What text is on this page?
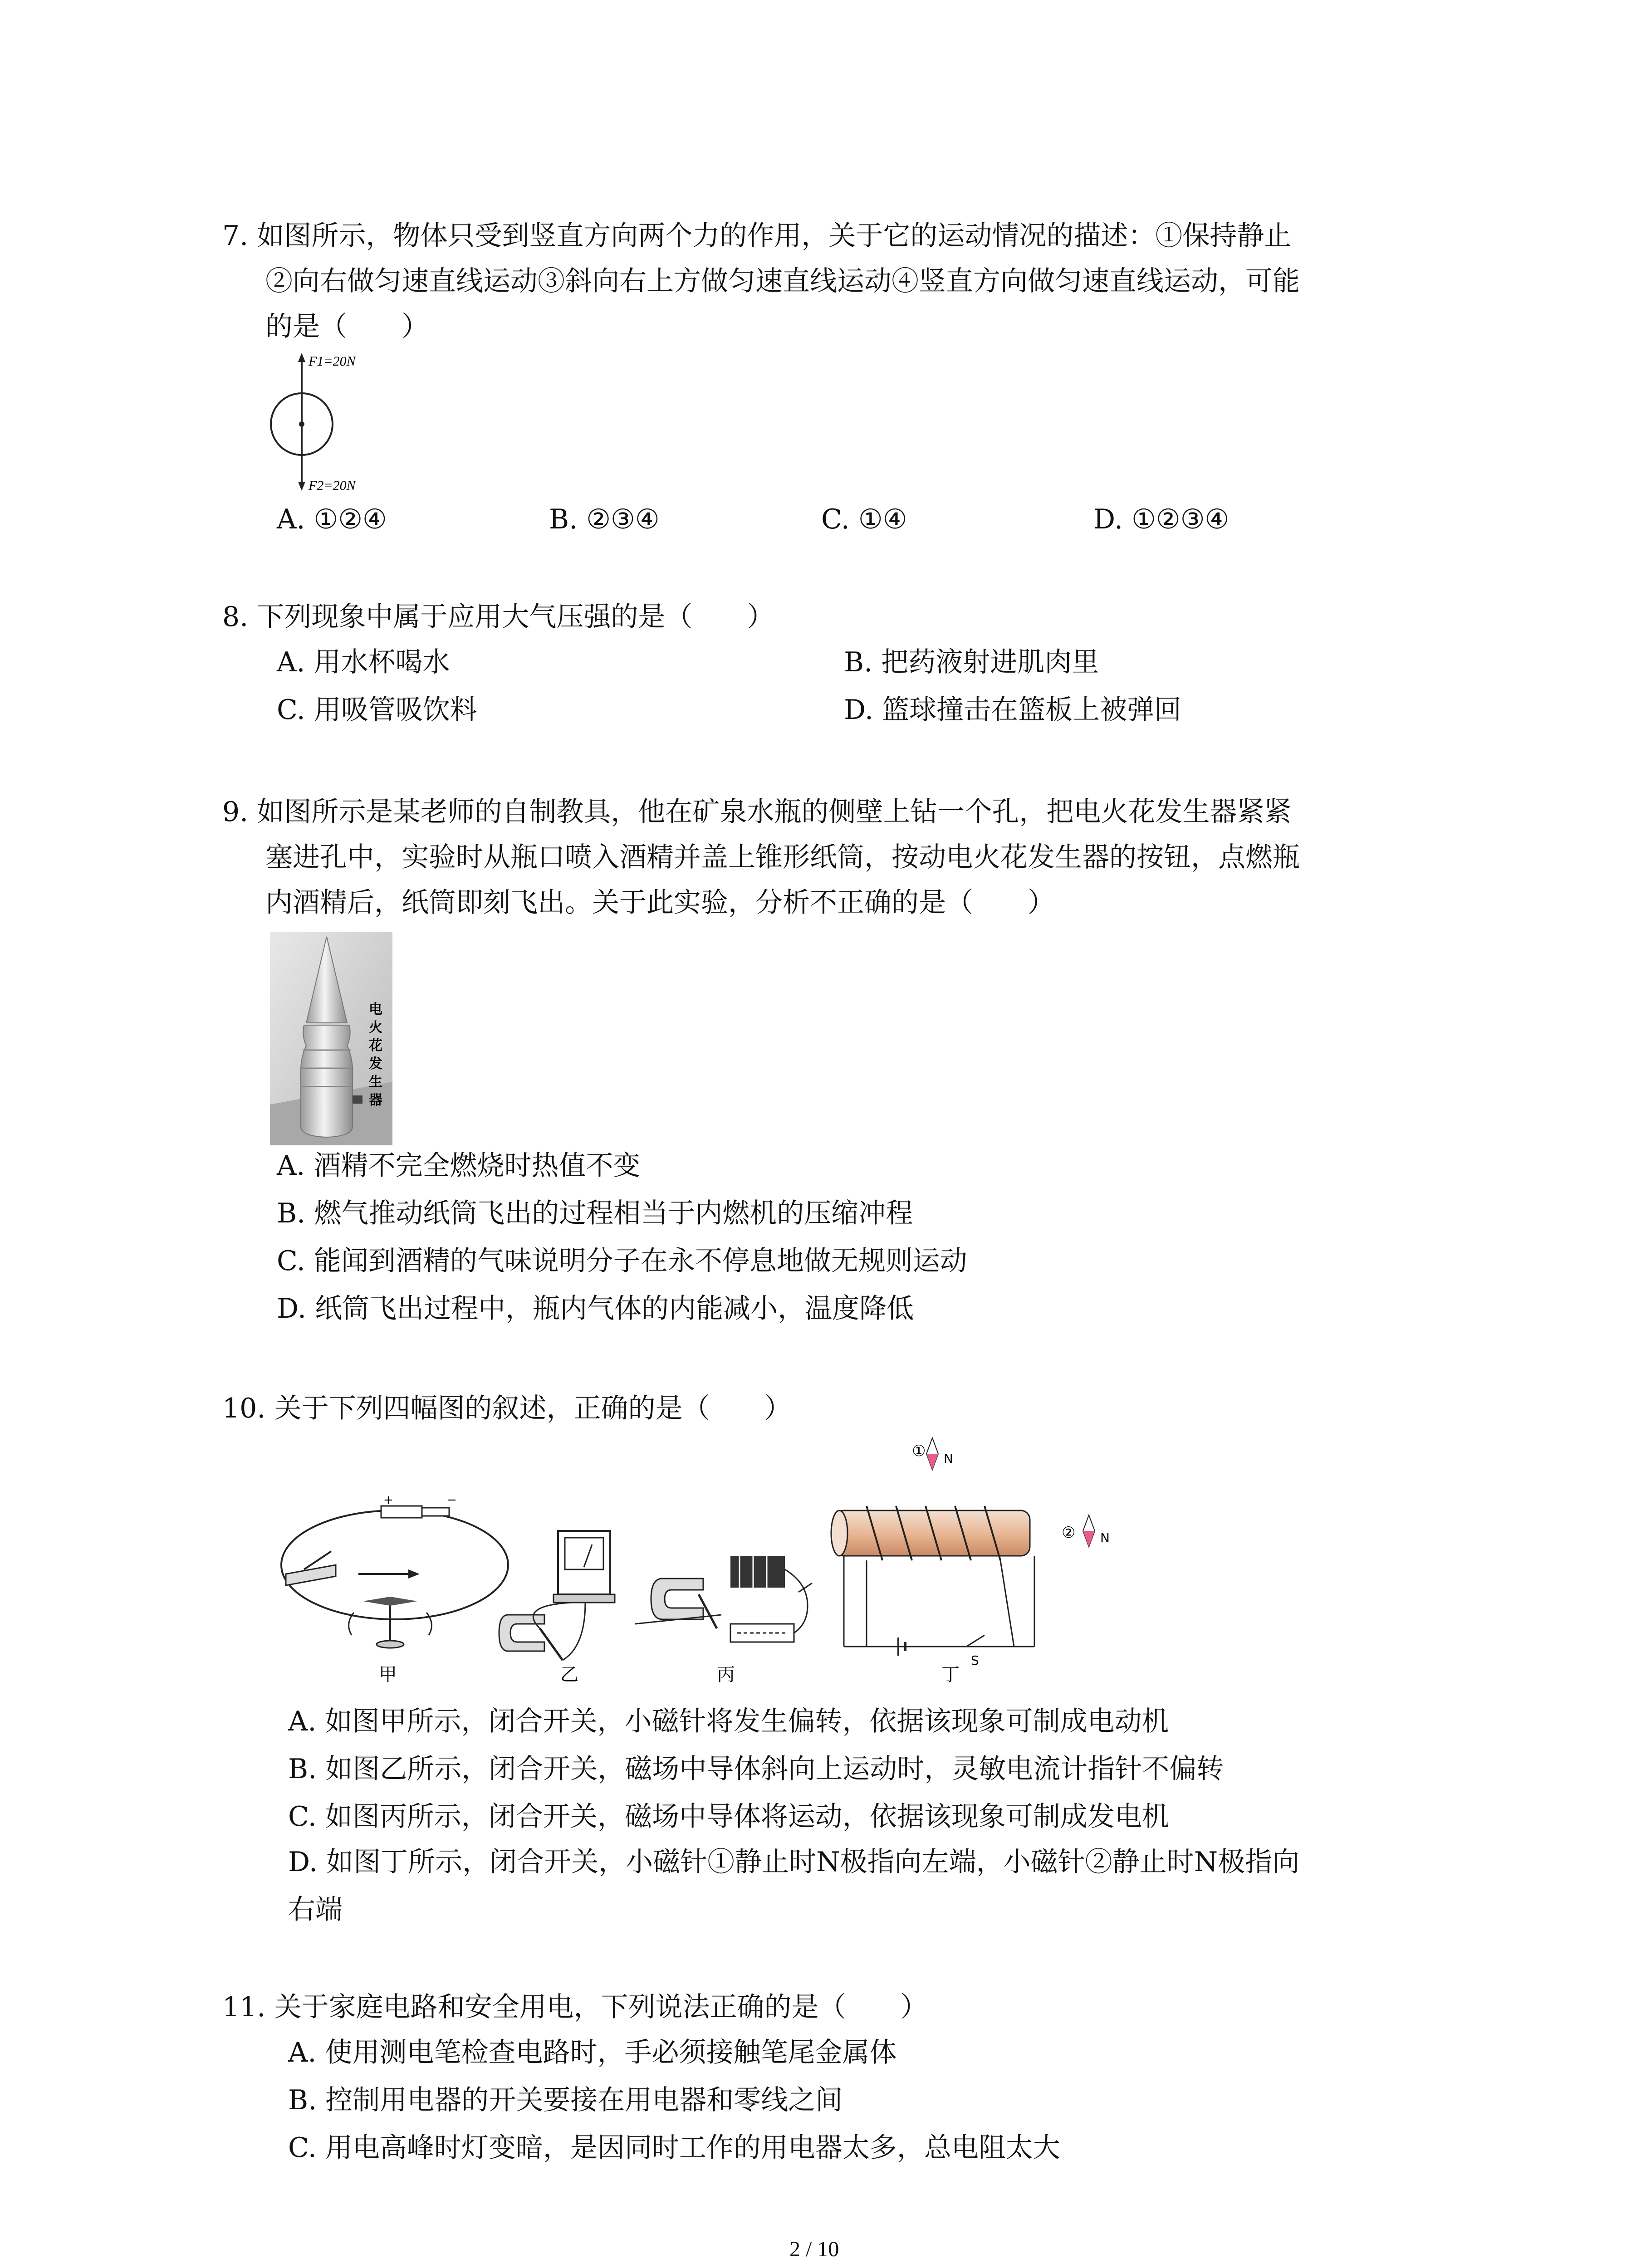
7. 如图所示，物体只受到竖直方向两个力的作用，关于它的运动情况的描述：①保持静止
②向右做匀速直线运动③斜向右上方做匀速直线运动④竖直方向做匀速直线运动，可能
的是（　　）
F1=20N
F2=20N
A. ①②④	B. ②③④	C. ①④	D. ①②③④
8. 下列现象中属于应用大气压强的是（　　）
A. 用水杯喝水	B. 把药液射进肌肉里
C. 用吸管吸饮料	D. 篮球撞击在篮板上被弹回
9. 如图所示是某老师的自制教具，他在矿泉水瓶的侧壁上钻一个孔，把电火花发生器紧紧
塞进孔中，实验时从瓶口喷入酒精并盖上锥形纸筒，按动电火花发生器的按钮，点燃瓶
内酒精后，纸筒即刻飞出。关于此实验，分析不正确的是（　　）
电
火
花
发
生
器
A. 酒精不完全燃烧时热值不变
B. 燃气推动纸筒飞出的过程相当于内燃机的压缩冲程
C. 能闻到酒精的气味说明分子在永不停息地做无规则运动
D. 纸筒飞出过程中，瓶内气体的内能减小，温度降低
10. 关于下列四幅图的叙述，正确的是（　　）
+	−
甲	乙	丙
S
① N
② N
丁
A. 如图甲所示，闭合开关，小磁针将发生偏转，依据该现象可制成电动机
B. 如图乙所示，闭合开关，磁场中导体斜向上运动时，灵敏电流计指针不偏转
C. 如图丙所示，闭合开关，磁场中导体将运动，依据该现象可制成发电机
D. 如图丁所示，闭合开关，小磁针①静止时N极指向左端，小磁针②静止时N极指向
右端
11. 关于家庭电路和安全用电，下列说法正确的是（　　）
A. 使用测电笔检查电路时，手必须接触笔尾金属体
B. 控制用电器的开关要接在用电器和零线之间
C. 用电高峰时灯变暗，是因同时工作的用电器太多，总电阻太大
2 / 10
